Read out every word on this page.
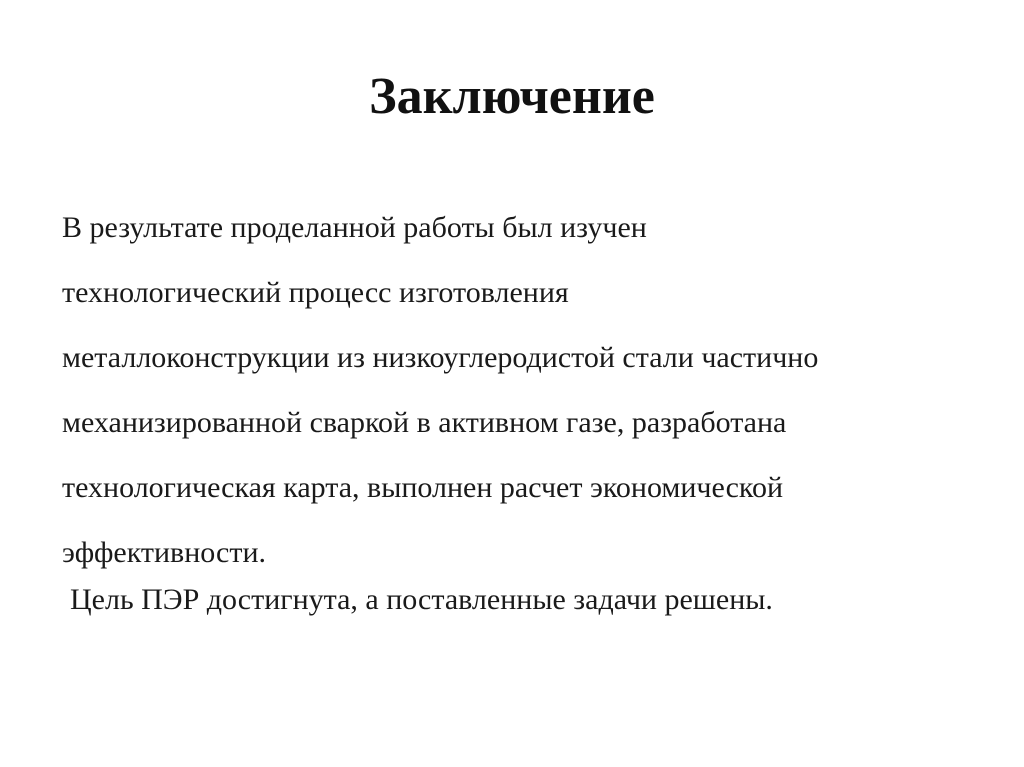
Заключение
В результате проделанной работы был изучен
технологический процесс изготовления
металлоконструкции из низкоуглеродистой стали частично
механизированной сваркой в активном газе, разработана
технологическая карта, выполнен расчет экономической
эффективности.

Цель ПЭР достигнута, а поставленные задачи решены.
